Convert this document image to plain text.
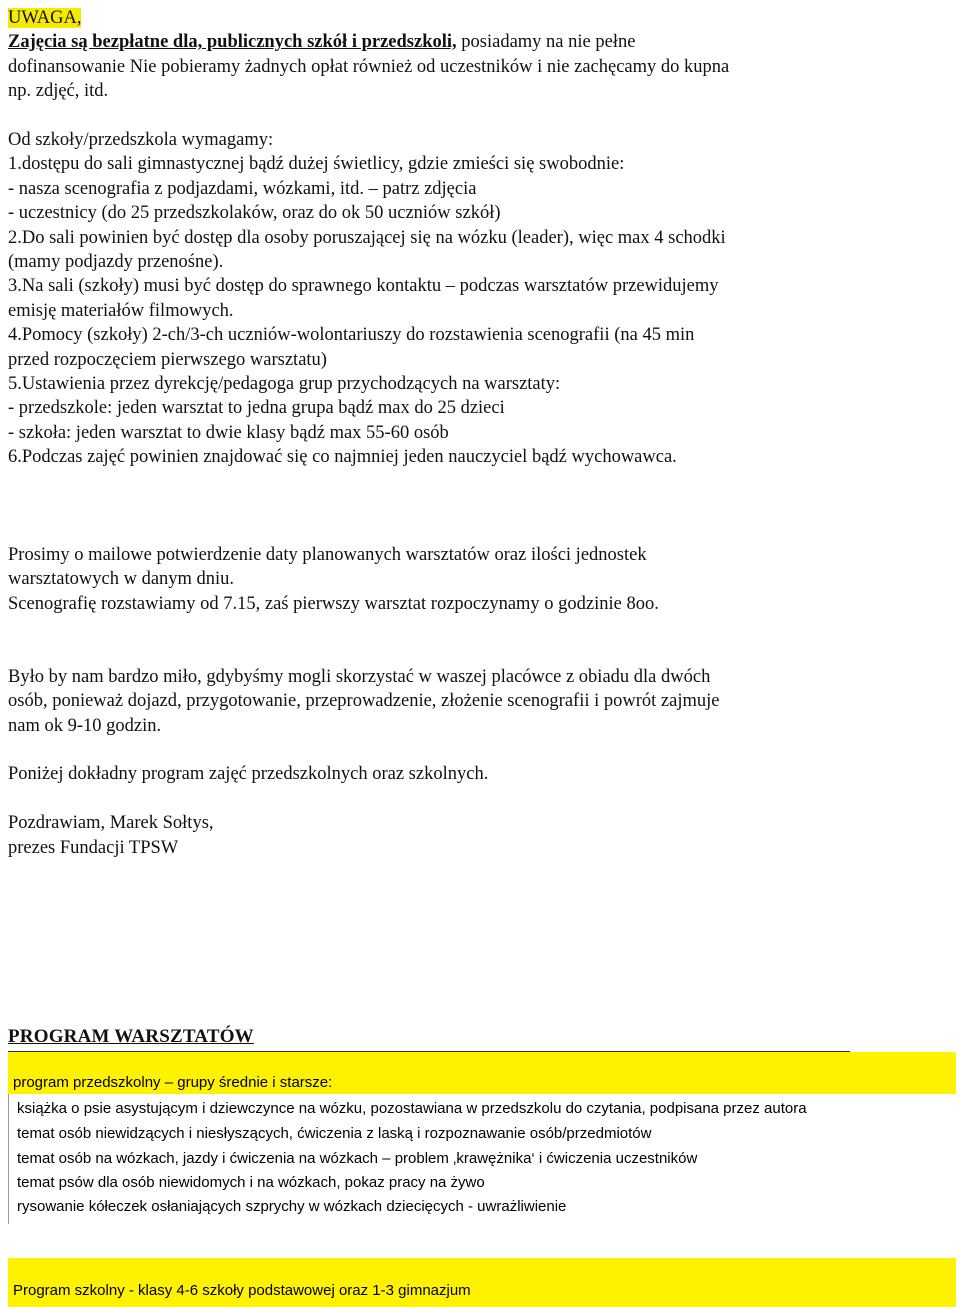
UWAGA,
Zajęcia są bezpłatne dla, publicznych szkół i przedszkoli, posiadamy na nie pełne
dofinansowanie Nie pobieramy żadnych opłat również od uczestników i nie zachęcamy do kupna
np. zdjęć, itd.
Od szkoły/przedszkola wymagamy:
1.dostępu do sali gimnastycznej bądź dużej świetlicy, gdzie zmieści się swobodnie:
- nasza scenografia z podjazdami, wózkami, itd. – patrz zdjęcia
- uczestnicy (do 25 przedszkolaków, oraz do ok 50 uczniów szkół)
2.Do sali powinien być dostęp dla osoby poruszającej się na wózku (leader), więc max 4 schodki
(mamy podjazdy przenośne).
3.Na sali (szkoły) musi być dostęp do sprawnego kontaktu – podczas warsztatów przewidujemy
emisję materiałów filmowych.
4.Pomocy (szkoły) 2-ch/3-ch uczniów-wolontariuszy do rozstawienia scenografii (na 45 min
przed rozpoczęciem pierwszego warsztatu)
5.Ustawienia przez dyrekcję/pedagoga grup przychodzących na warsztaty:
- przedszkole: jeden warsztat to jedna grupa bądź max do 25 dzieci
- szkoła: jeden warsztat to dwie klasy bądź max 55-60 osób
6.Podczas zajęć powinien znajdować się co najmniej jeden nauczyciel bądź wychowawca.
Prosimy o mailowe potwierdzenie daty planowanych warsztatów oraz ilości jednostek
warsztatowych w danym dniu.
Scenografię rozstawiamy od 7.15, zaś pierwszy warsztat rozpoczynamy o godzinie 8oo.
Było by nam bardzo miło, gdybyśmy mogli skorzystać w waszej placówce z obiadu dla dwóch
osób, ponieważ dojazd, przygotowanie, przeprowadzenie, złożenie scenografii i powrót zajmuje
nam ok 9-10 godzin.
Poniżej dokładny program zajęć przedszkolnych oraz szkolnych.
Pozdrawiam, Marek Sołtys,
prezes Fundacji TPSW
PROGRAM WARSZTATÓW
program przedszkolny – grupy średnie i starsze:
książka o psie asystującym i dziewczynce na wózku, pozostawiana w przedszkolu do czytania, podpisana przez autora
temat osób niewidzących i niesłyszących, ćwiczenia z laską i rozpoznawanie osób/przedmiotów
temat osób na wózkach, jazdy i ćwiczenia na wózkach – problem ‚krawężnika‘ i ćwiczenia uczestników
temat psów dla osób niewidomych i na wózkach, pokaz pracy na żywo
rysowanie kółeczek osłaniających szprychy w wózkach dziecięcych - uwrażliwienie
Program szkolny - klasy 4-6 szkoły podstawowej oraz 1-3 gimnazjum
